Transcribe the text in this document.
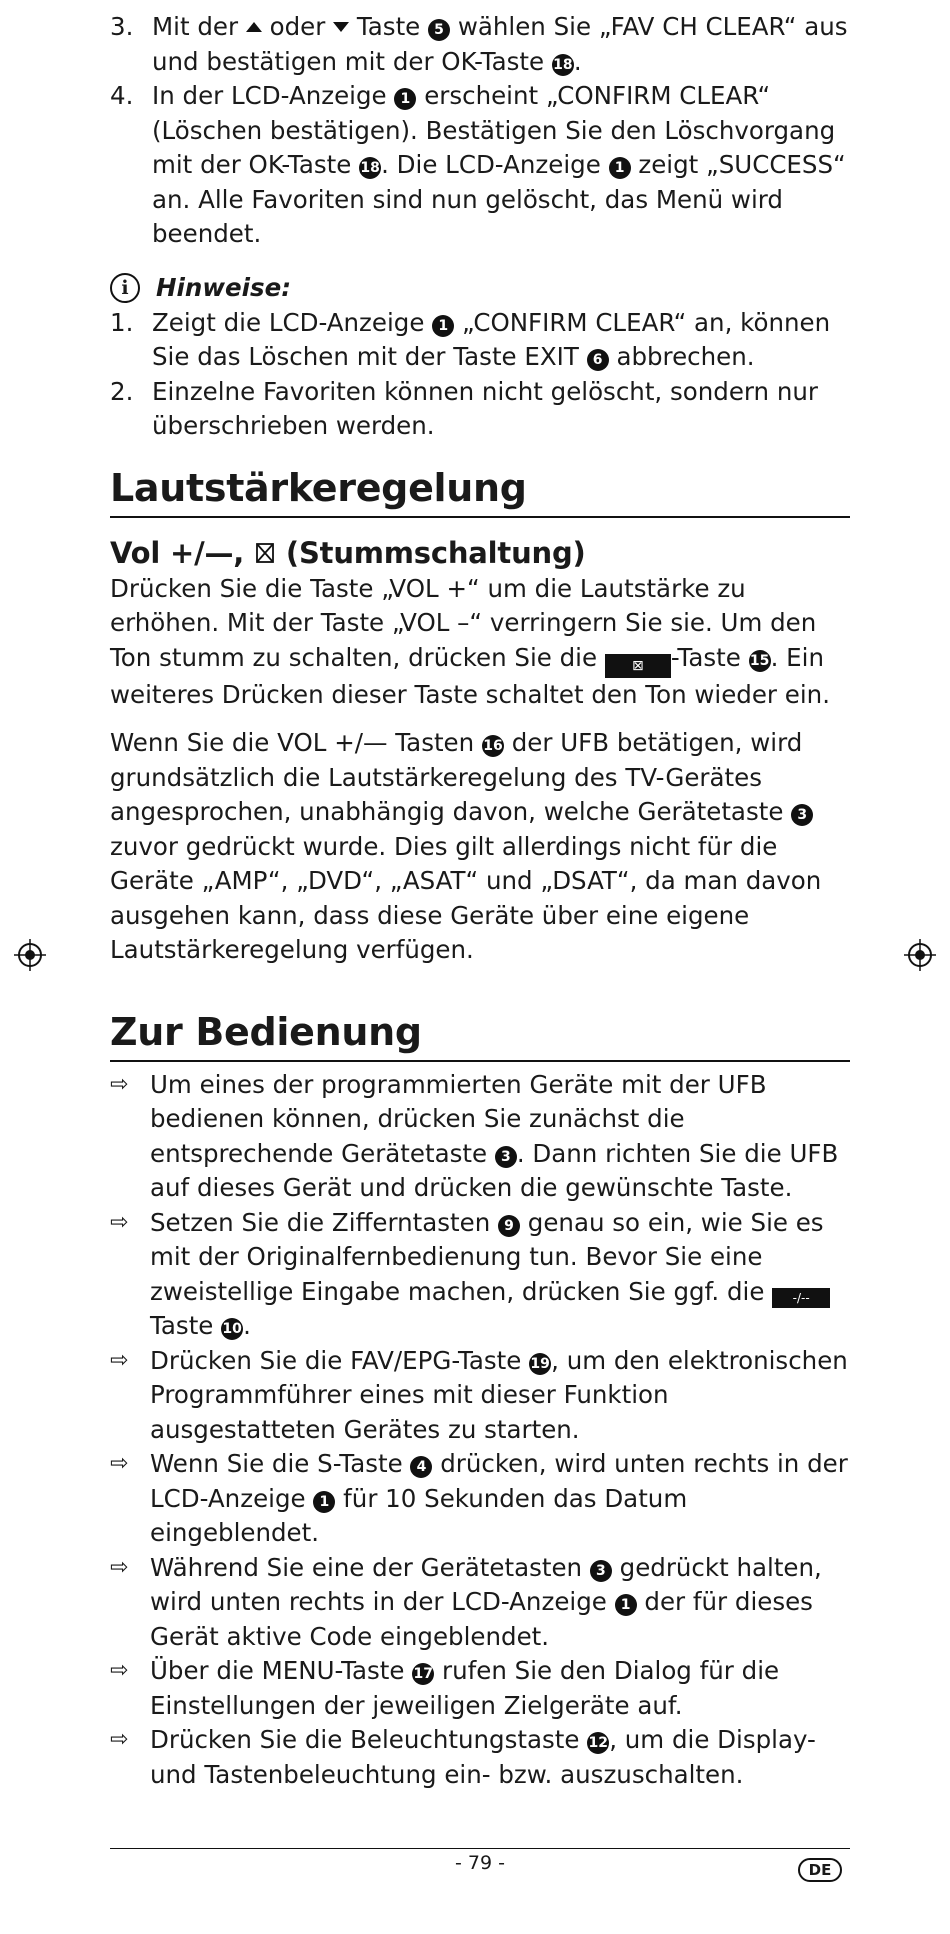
3. Mit der  oder  Taste 5 wählen Sie „FAV CH CLEAR“ aus und bestätigen mit der OK-Taste 18.
4. In der LCD-Anzeige 1 erscheint „CONFIRM CLEAR“ (Löschen bestätigen). Bestätigen Sie den Löschvorgang mit der OK-Taste 18. Die LCD-Anzeige 1 zeigt „SUCCESS“ an. Alle Favoriten sind nun gelöscht, das Menü wird beendet.
i	Hinweise:
1. Zeigt die LCD-Anzeige 1 „CONFIRM CLEAR“ an, können Sie das Löschen mit der Taste EXIT 6 abbrechen.
2. Einzelne Favoriten können nicht gelöscht, sondern nur überschrieben werden.
Lautstärkeregelung
Vol +/—,  (Stummschaltung)

Drücken Sie die Taste „VOL +“ um die Lautstärke zu erhöhen. Mit der Taste „VOL –“ verringern Sie sie. Um den Ton stumm zu schalten, drücken Sie die ⊠ -Taste 15. Ein weiteres Drücken dieser Taste schaltet den Ton wieder ein.

Wenn Sie die VOL +/— Tasten 16 der UFB betätigen, wird grundsätzlich die Lautstärkeregelung des TV-Gerätes angesprochen, unabhängig davon, welche Gerätetaste 3 zuvor gedrückt wurde. Dies gilt allerdings nicht für die Geräte „AMP“, „DVD“, „ASAT“ und „DSAT“, da man davon ausgehen kann, dass diese Geräte über eine eigene Lautstärkeregelung verfügen.

Zur Bedienung
⇨ Um eines der programmierten Geräte mit der UFB bedienen können, drücken Sie zunächst die entsprechende Gerätetaste 3 . Dann richten Sie die UFB auf dieses Gerät und drücken die gewünschte Taste.
⇨ Setzen Sie die Zifferntasten 9 genau so ein, wie Sie es mit der Originalfernbedienung tun. Bevor Sie eine zweistellige Eingabe machen, drücken Sie ggf. die -/-- Taste 10.
⇨ Drücken Sie die FAV/EPG-Taste 19, um den elektronischen Programmführer eines mit dieser Funktion ausgestatteten Gerätes zu starten.
⇨ Wenn Sie die S-Taste 4 drücken, wird unten rechts in der LCD-Anzeige 1 für 10 Sekunden das Datum eingeblendet.
⇨ Während Sie eine der Gerätetasten 3 gedrückt halten, wird unten rechts in der LCD-Anzeige 1 der für dieses Gerät aktive Code eingeblendet.
⇨ Über die MENU-Taste 17 rufen Sie den Dialog für die Einstellungen der jeweiligen Zielgeräte auf.
⇨ Drücken Sie die Beleuchtungstaste 12, um die Display- und Tastenbeleuchtung ein- bzw. auszuschalten.
- 79 -	DE
